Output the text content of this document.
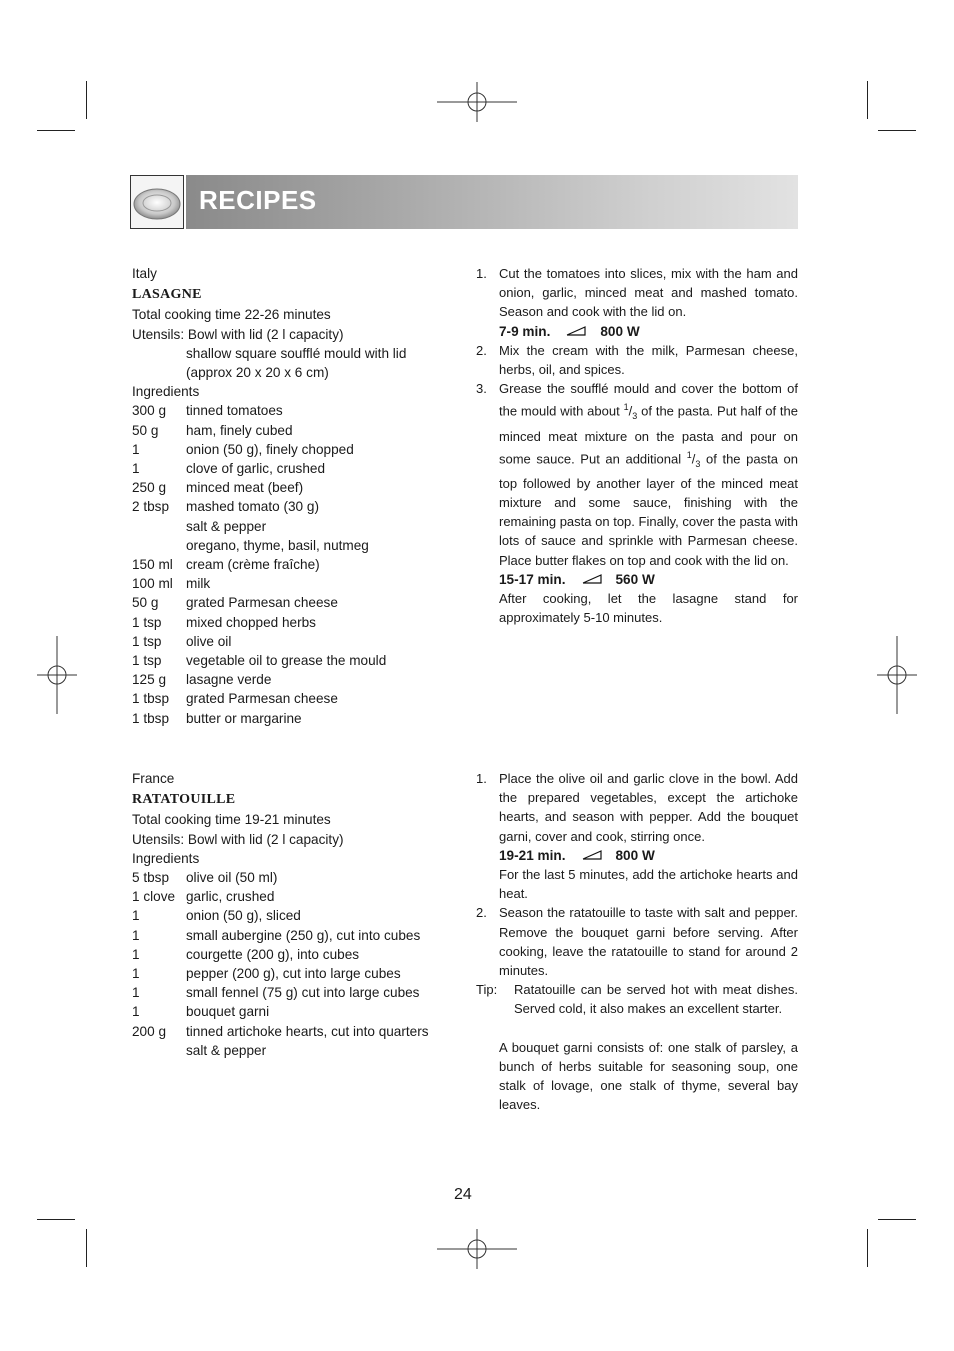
RECIPES

Italy

LASAGNE

Total cooking time 22-26 minutes

Utensils: Bowl with lid (2 l capacity)

shallow square soufflé mould with lid

(approx 20 x 20 x 6 cm)

Ingredients

300 g	tinned tomatoes
50 g	ham, finely cubed
1	onion (50 g), finely chopped
1	clove of garlic, crushed
250 g	minced meat (beef)
2 tbsp	mashed tomato (30 g)
salt & pepper
oregano, thyme, basil, nutmeg
150 ml cream (crème fraîche)
100 ml milk
50 g	grated Parmesan cheese
1 tsp	mixed chopped herbs
1 tsp	olive oil
1 tsp	vegetable oil to grease the mould
125 g	lasagne verde
1 tbsp	grated Parmesan cheese
1 tbsp	butter or margarine
1. Cut the tomatoes into slices, mix with the ham and onion, garlic, minced meat and mashed tomato. Season and cook with the lid on.
7-9 min.	800 W
2. Mix the cream with the milk, Parmesan cheese, herbs, oil, and spices.
3. Grease the soufflé mould and cover the bottom of the mould with about $^1/_3$ of the pasta. Put half of the minced meat mixture on the pasta and pour on some sauce. Put an additional $^1/_3$ of the pasta on top followed by another layer of the minced meat mixture and some sauce, finishing with the remaining pasta on top. Finally, cover the pasta with lots of sauce and sprinkle with Parmesan cheese. Place butter flakes on top and cook with the lid on.
15-17 min.	560 W

After cooking, let the lasagne stand for approximately 5-10 minutes.

France

RATATOUILLE

Total cooking time 19-21 minutes

Utensils: Bowl with lid (2 l capacity)

Ingredients

5 tbsp	olive oil (50 ml)
1 clove garlic, crushed
1	onion (50 g), sliced
1	small aubergine (250 g), cut into cubes
1	courgette (200 g), into cubes
1	pepper (200 g), cut into large cubes
1	small fennel (75 g) cut into large cubes
1	bouquet garni
200 g	tinned artichoke hearts, cut into quarters
salt & pepper
1. Place the olive oil and garlic clove in the bowl. Add the prepared vegetables, except the artichoke hearts, and season with pepper. Add the bouquet garni, cover and cook, stirring once.
19-21 min.	800 W

For the last 5 minutes, add the artichoke hearts and heat.

2. Season the ratatouille to taste with salt and pepper. Remove the bouquet garni before serving. After cooking, leave the ratatouille to stand for around 2 minutes.
Tip:	Ratatouille can be served hot with meat dishes. Served cold, it also makes an excellent starter.

A bouquet garni consists of: one stalk of parsley, a bunch of herbs suitable for seasoning soup, one stalk of lovage, one stalk of thyme, several bay leaves.

24
